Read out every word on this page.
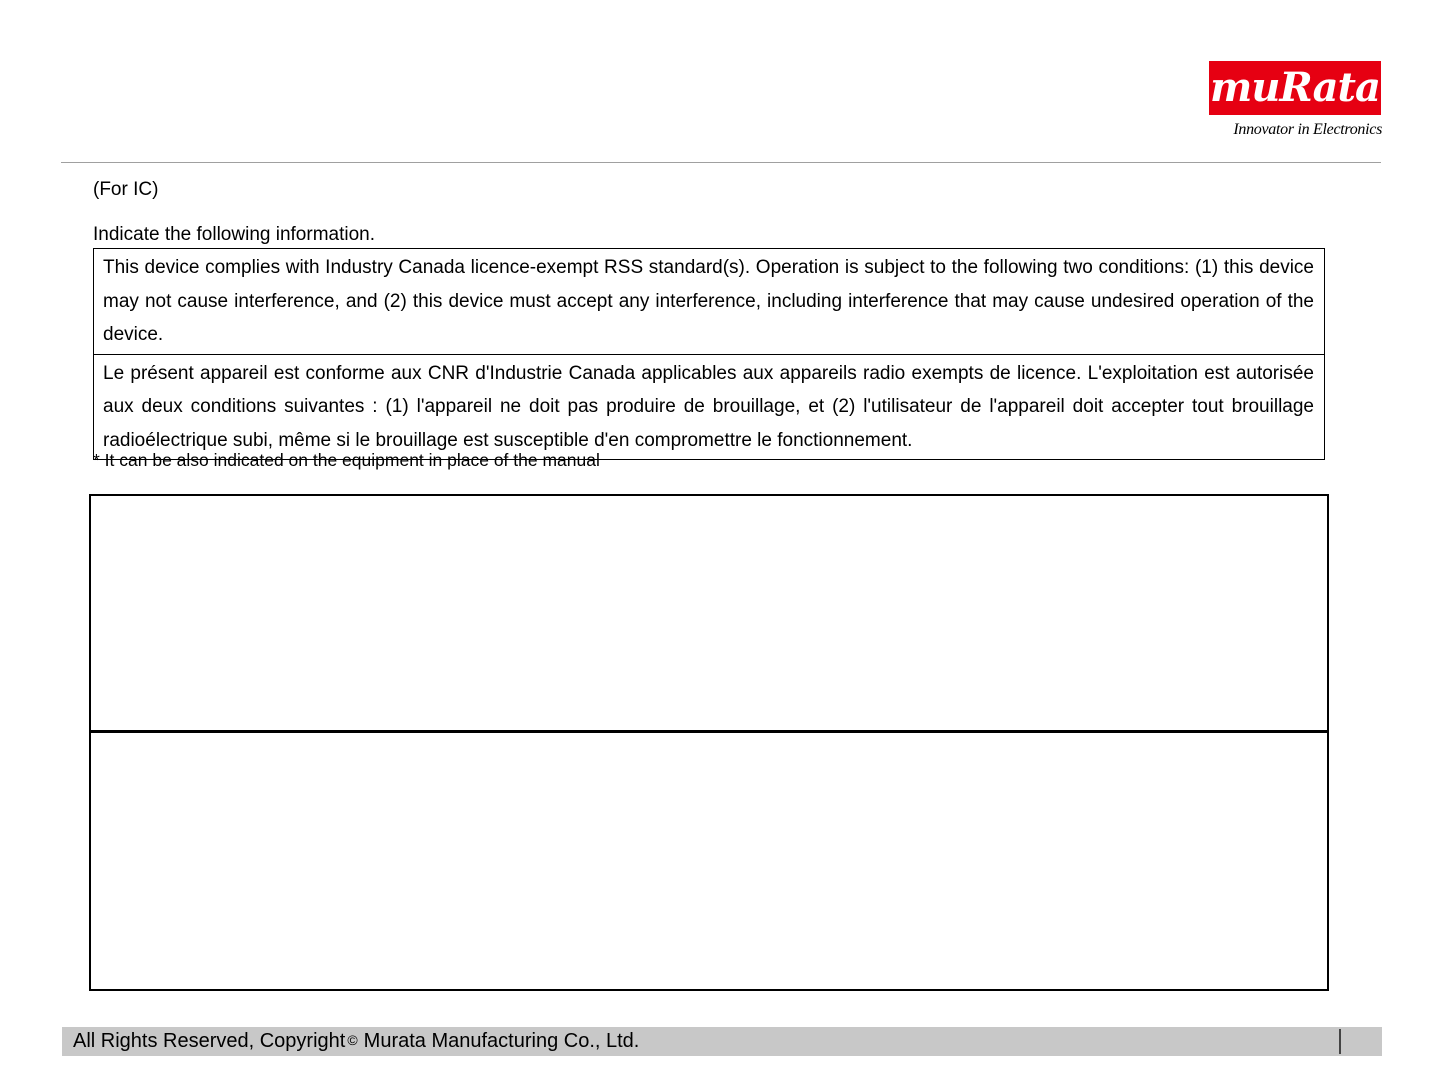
muRata
Innovator in Electronics
(For IC)
Indicate the following information.
This device complies with Industry Canada licence-exempt RSS standard(s). Operation is subject to the following two conditions: (1) this device may not cause interference, and (2) this device must accept any interference, including interference that may cause undesired operation of the device.
Le présent appareil est conforme aux CNR d'Industrie Canada applicables aux appareils radio exempts de licence. L'exploitation est autorisée aux deux conditions suivantes : (1) l'appareil ne doit pas produire de brouillage, et (2) l'utilisateur de l'appareil doit accepter tout brouillage radioélectrique subi, même si le brouillage est susceptible d'en compromettre le fonctionnement.
* It can be also indicated on the equipment in place of the manual
All Rights Reserved, Copyright © Murata Manufacturing Co., Ltd.
